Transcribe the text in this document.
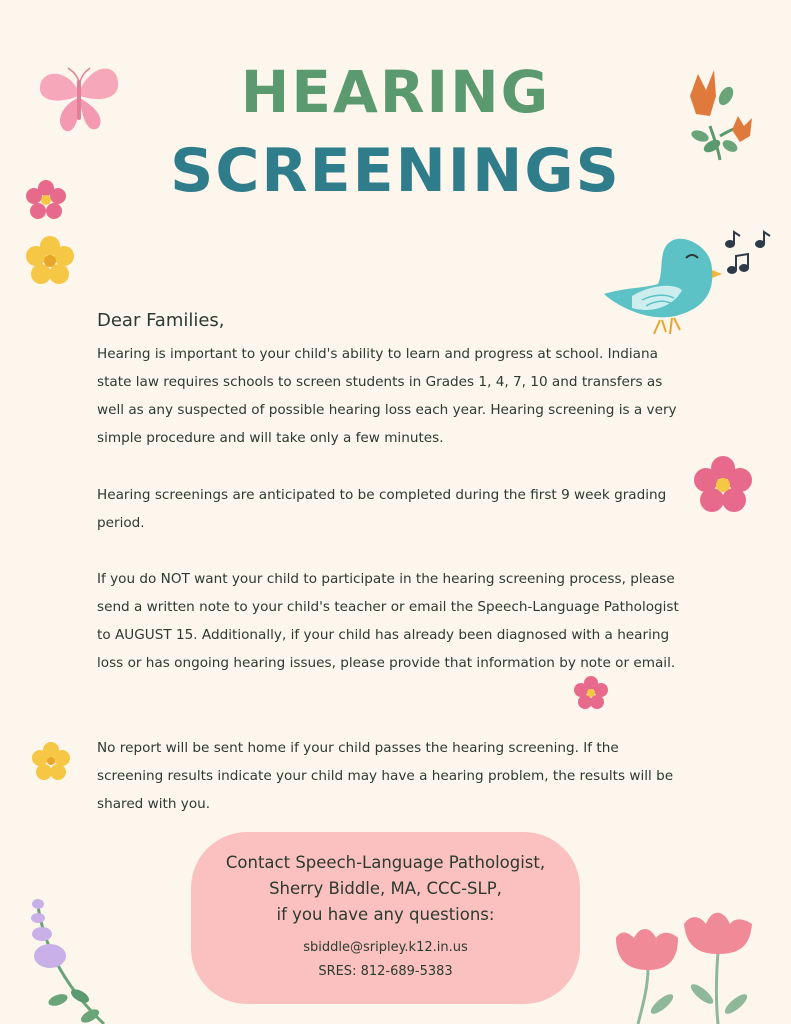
HEARING
SCREENINGS
Dear Families,
Hearing is important to your child's ability to learn and progress at school. Indiana state law requires schools to screen students in Grades 1, 4, 7, 10 and transfers as well as any suspected of possible hearing loss each year. Hearing screening is a very simple procedure and will take only a few minutes.
Hearing screenings are anticipated to be completed during the first 9 week grading period.
If you do NOT want your child to participate in the hearing screening process, please send a written note to your child's teacher or email the Speech-Language Pathologist to AUGUST 15. Additionally, if your child has already been diagnosed with a hearing loss or has ongoing hearing issues, please provide that information by note or email.
No report will be sent home if your child passes the hearing screening. If the screening results indicate your child may have a hearing problem, the results will be shared with you.
Contact Speech-Language Pathologist,
Sherry Biddle, MA, CCC-SLP,
if you have any questions:
sbiddle@sripley.k12.in.us
SRES: 812-689-5383
